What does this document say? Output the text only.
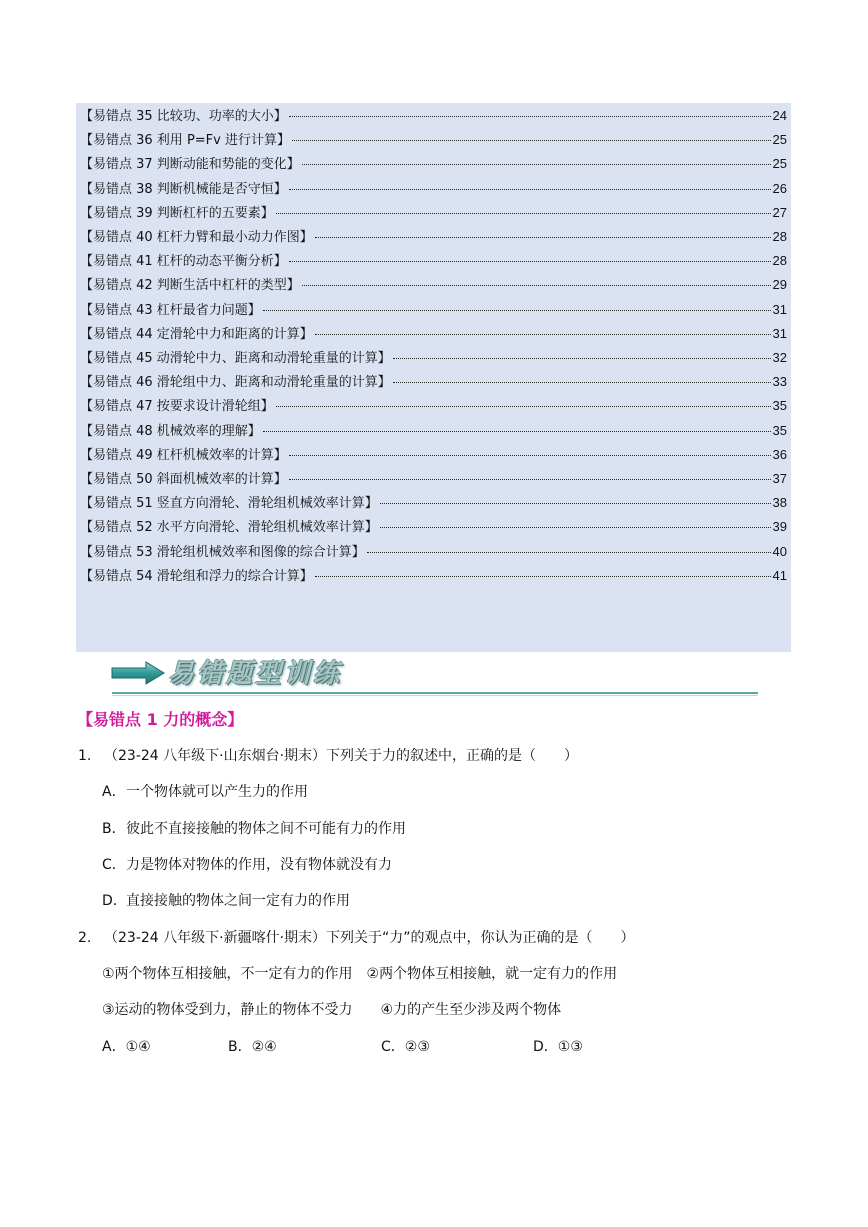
【易错点 35 比较功、功率的大小】	24
【易错点 36 利用 P=Fv 进行计算】	25
【易错点 37 判断动能和势能的变化】	25
【易错点 38 判断机械能是否守恒】	26
【易错点 39 判断杠杆的五要素】	27
【易错点 40 杠杆力臂和最小动力作图】	28
【易错点 41 杠杆的动态平衡分析】	28
【易错点 42 判断生活中杠杆的类型】	29
【易错点 43 杠杆最省力问题】	31
【易错点 44 定滑轮中力和距离的计算】	31
【易错点 45 动滑轮中力、距离和动滑轮重量的计算】	32
【易错点 46 滑轮组中力、距离和动滑轮重量的计算】	33
【易错点 47 按要求设计滑轮组】	35
【易错点 48 机械效率的理解】	35
【易错点 49 杠杆机械效率的计算】	36
【易错点 50 斜面机械效率的计算】	37
【易错点 51 竖直方向滑轮、滑轮组机械效率计算】	38
【易错点 52 水平方向滑轮、滑轮组机械效率计算】	39
【易错点 53 滑轮组机械效率和图像的综合计算】	40
【易错点 54 滑轮组和浮力的综合计算】	41
易错题型训练
【易错点 1 力的概念】
1. （23-24 八年级下·山东烟台·期末）下列关于力的叙述中，正确的是（　　）
A．一个物体就可以产生力的作用
B．彼此不直接接触的物体之间不可能有力的作用
C．力是物体对物体的作用，没有物体就没有力
D．直接接触的物体之间一定有力的作用
2. （23-24 八年级下·新疆喀什·期末）下列关于“力”的观点中，你认为正确的是（　　）
①两个物体互相接触，不一定有力的作用　②两个物体互相接触，就一定有力的作用
③运动的物体受到力，静止的物体不受力　　④力的产生至少涉及两个物体
A．①④	B．②④	C．②③	D．①③
